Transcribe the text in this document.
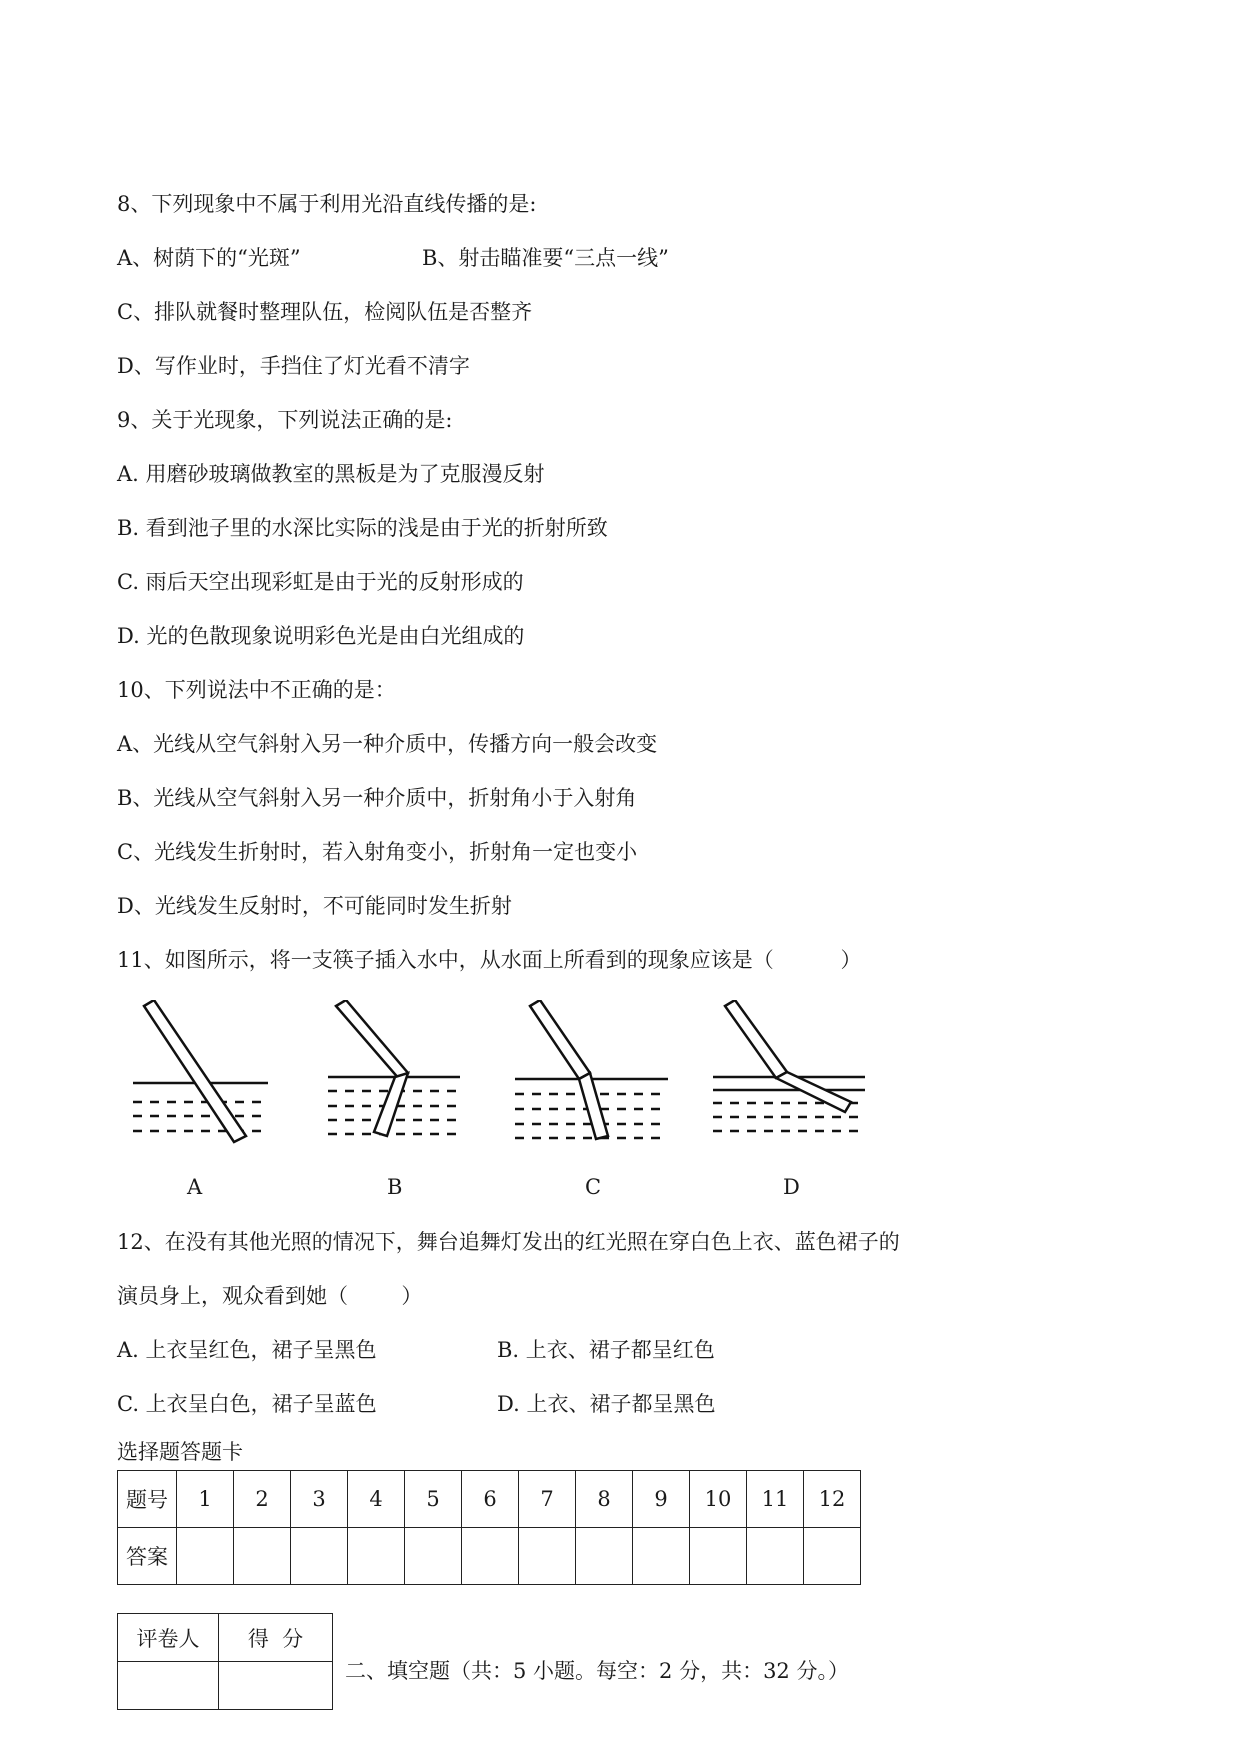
8、下列现象中不属于利用光沿直线传播的是:
A、树荫下的“光斑”	B、射击瞄准要“三点一线”
C、排队就餐时整理队伍，检阅队伍是否整齐
D、写作业时，手挡住了灯光看不清字
9、关于光现象，下列说法正确的是:
A. 用磨砂玻璃做教室的黑板是为了克服漫反射
B. 看到池子里的水深比实际的浅是由于光的折射所致
C. 雨后天空出现彩虹是由于光的反射形成的
D. 光的色散现象说明彩色光是由白光组成的
10、下列说法中不正确的是：
A、光线从空气斜射入另一种介质中，传播方向一般会改变
B、光线从空气斜射入另一种介质中，折射角小于入射角
C、光线发生折射时，若入射角变小，折射角一定也变小
D、光线发生反射时，不可能同时发生折射
11、如图所示，将一支筷子插入水中，从水面上所看到的现象应该是（          ）
A	B	C	D
12、在没有其他光照的情况下，舞台追舞灯发出的红光照在穿白色上衣、蓝色裙子的
演员身上，观众看到她（        ）
A. 上衣呈红色，裙子呈黑色	B. 上衣、裙子都呈红色
C. 上衣呈白色，裙子呈蓝色	D. 上衣、裙子都呈黑色
选择题答题卡
题号	1	2	3	4	5	6	7	8	9	10	11	12
答案												
评卷人	得  分

二、填空题（共：5 小题。每空：2 分，共：32 分。）
